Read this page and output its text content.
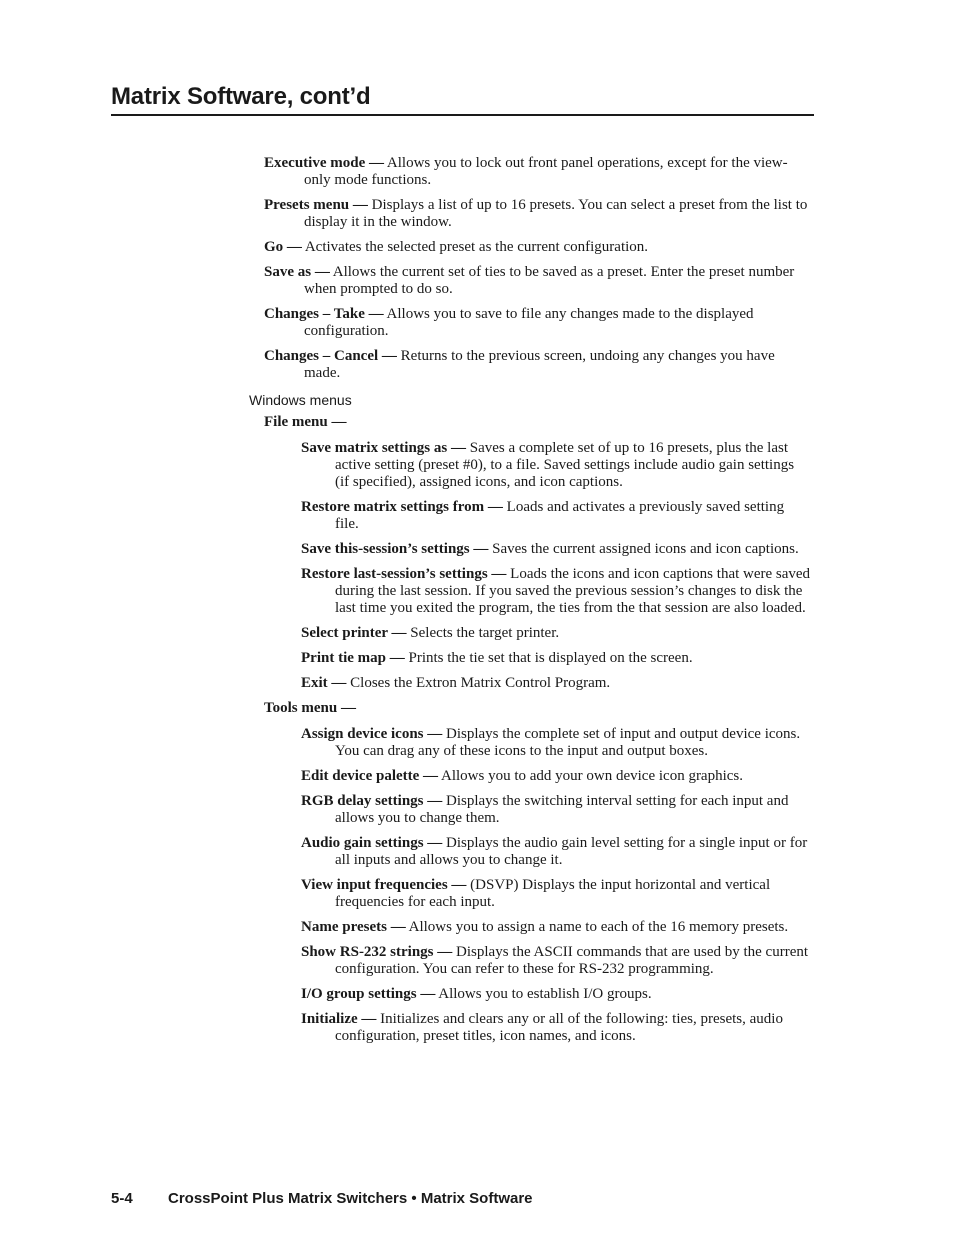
Matrix Software, cont’d
Executive mode — Allows you to lock out front panel operations, except for the view-only mode functions.
Presets menu — Displays a list of up to 16 presets. You can select a preset from the list to display it in the window.
Go — Activates the selected preset as the current configuration.
Save as — Allows the current set of ties to be saved as a preset. Enter the preset number when prompted to do so.
Changes – Take — Allows you to save to file any changes made to the displayed configuration.
Changes – Cancel — Returns to the previous screen, undoing any changes you have made.
Windows menus
File menu —
Save matrix settings as — Saves a complete set of up to 16 presets, plus the last active setting (preset #0), to a file. Saved settings include audio gain settings (if specified), assigned icons, and icon captions.
Restore matrix settings from — Loads and activates a previously saved setting file.
Save this-session’s settings — Saves the current assigned icons and icon captions.
Restore last-session’s settings — Loads the icons and icon captions that were saved during the last session. If you saved the previous session’s changes to disk the last time you exited the program, the ties from the that session are also loaded.
Select printer — Selects the target printer.
Print tie map — Prints the tie set that is displayed on the screen.
Exit — Closes the Extron Matrix Control Program.
Tools menu —
Assign device icons — Displays the complete set of input and output device icons. You can drag any of these icons to the input and output boxes.
Edit device palette — Allows you to add your own device icon graphics.
RGB delay settings — Displays the switching interval setting for each input and allows you to change them.
Audio gain settings — Displays the audio gain level setting for a single input or for all inputs and allows you to change it.
View input frequencies — (DSVP) Displays the input horizontal and vertical frequencies for each input.
Name presets — Allows you to assign a name to each of the 16 memory presets.
Show RS-232 strings — Displays the ASCII commands that are used by the current configuration. You can refer to these for RS-232 programming.
I/O group settings — Allows you to establish I/O groups.
Initialize — Initializes and clears any or all of the following: ties, presets, audio configuration, preset titles, icon names, and icons.
5-4 CrossPoint Plus Matrix Switchers • Matrix Software
